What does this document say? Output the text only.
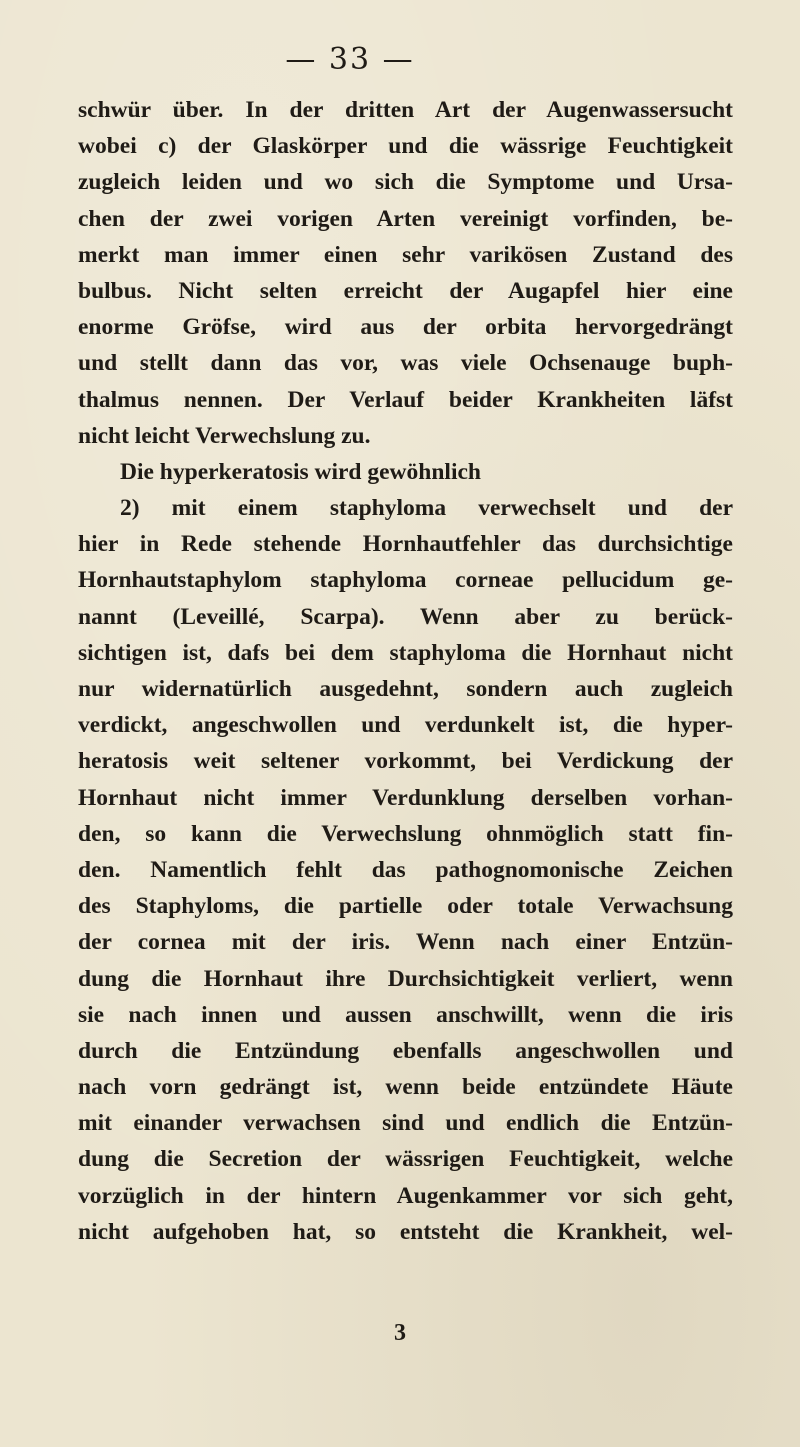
— 33 —
schwür über. In der dritten Art der Augenwassersucht
wobei c) der Glaskörper und die wässrige Feuchtigkeit
zugleich leiden und wo sich die Symptome und Ursa-
chen der zwei vorigen Arten vereinigt vorfinden, be-
merkt man immer einen sehr varikösen Zustand des
bulbus. Nicht selten erreicht der Augapfel hier eine
enorme Gröfse, wird aus der orbita hervorgedrängt
und stellt dann das vor, was viele Ochsenauge buph-
thalmus nennen. Der Verlauf beider Krankheiten läfst
nicht leicht Verwechslung zu.
Die hyperkeratosis wird gewöhnlich
2) mit einem staphyloma verwechselt und der
hier in Rede stehende Hornhautfehler das durchsichtige
Hornhautstaphylom staphyloma corneae pellucidum ge-
nannt (Leveillé, Scarpa). Wenn aber zu berück-
sichtigen ist, dafs bei dem staphyloma die Hornhaut nicht
nur widernatürlich ausgedehnt, sondern auch zugleich
verdickt, angeschwollen und verdunkelt ist, die hyper-
heratosis weit seltener vorkommt, bei Verdickung der
Hornhaut nicht immer Verdunklung derselben vorhan-
den, so kann die Verwechslung ohnmöglich statt fin-
den. Namentlich fehlt das pathognomonische Zeichen
des Staphyloms, die partielle oder totale Verwachsung
der cornea mit der iris. Wenn nach einer Entzün-
dung die Hornhaut ihre Durchsichtigkeit verliert, wenn
sie nach innen und aussen anschwillt, wenn die iris
durch die Entzündung ebenfalls angeschwollen und
nach vorn gedrängt ist, wenn beide entzündete Häute
mit einander verwachsen sind und endlich die Entzün-
dung die Secretion der wässrigen Feuchtigkeit, welche
vorzüglich in der hintern Augenkammer vor sich geht,
nicht aufgehoben hat, so entsteht die Krankheit, wel-
3
